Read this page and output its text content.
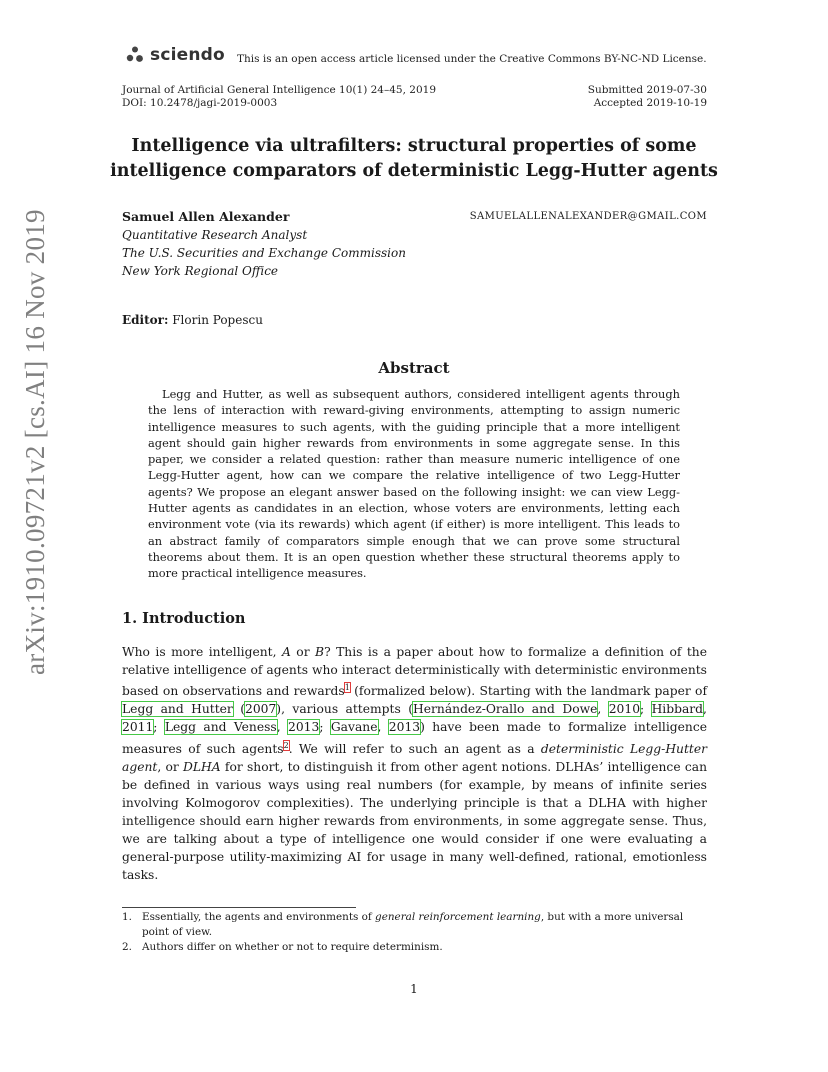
sciendo This is an open access article licensed under the Creative Commons BY-NC-ND License.
Journal of Artificial General Intelligence 10(1) 24–45, 2019
DOI: 10.2478/jagi-2019-0003
Submitted 2019-07-30
Accepted 2019-10-19
Intelligence via ultrafilters: structural properties of some
intelligence comparators of deterministic Legg-Hutter agents
Samuel Allen Alexander	SAMUELALLENALEXANDER@GMAIL.COM
Quantitative Research Analyst
The U.S. Securities and Exchange Commission
New York Regional Office
Editor: Florin Popescu
arXiv:1910.09721v2 [cs.AI] 16 Nov 2019	Abstract

Legg and Hutter, as well as subsequent authors, considered intelligent agents through the lens of interaction with reward-giving environments, attempting to assign numeric intelligence measures to such agents, with the guiding principle that a more intelligent agent should gain higher rewards from environments in some aggregate sense. In this paper, we consider a related question: rather than measure numeric intelligence of one Legg-Hutter agent, how can we compare the relative intelligence of two Legg-Hutter agents? We propose an elegant answer based on the following insight: we can view Legg-Hutter agents as candidates in an election, whose voters are environments, letting each environment vote (via its rewards) which agent (if either) is more intelligent. This leads to an abstract family of comparators simple enough that we can prove some structural theorems about them. It is an open question whether these structural theorems apply to more practical intelligence measures.

1. Introduction

Who is more intelligent, A or B? This is a paper about how to formalize a definition of the relative intelligence of agents who interact deterministically with deterministic environments based on observations and rewards$^1$ (formalized below). Starting with the landmark paper of Legg and Hutter (2007), various attempts (Hernández-Orallo and Dowe, 2010; Hibbard, 2011; Legg and Veness, 2013; Gavane, 2013) have been made to formalize intelligence measures of such agents$^2$. We will refer to such an agent as a deterministic Legg-Hutter agent, or DLHA for short, to distinguish it from other agent notions. DLHAs’ intelligence can be defined in various ways using real numbers (for example, by means of infinite series involving Kolmogorov complexities). The underlying principle is that a DLHA with higher intelligence should earn higher rewards from environments, in some aggregate sense. Thus, we are talking about a type of intelligence one would consider if one were evaluating a general-purpose utility-maximizing AI for usage in many well-defined, rational, emotionless tasks.

1. Essentially, the agents and environments of general reinforcement learning, but with a more universal point of view.
2. Authors differ on whether or not to require determinism.
1
